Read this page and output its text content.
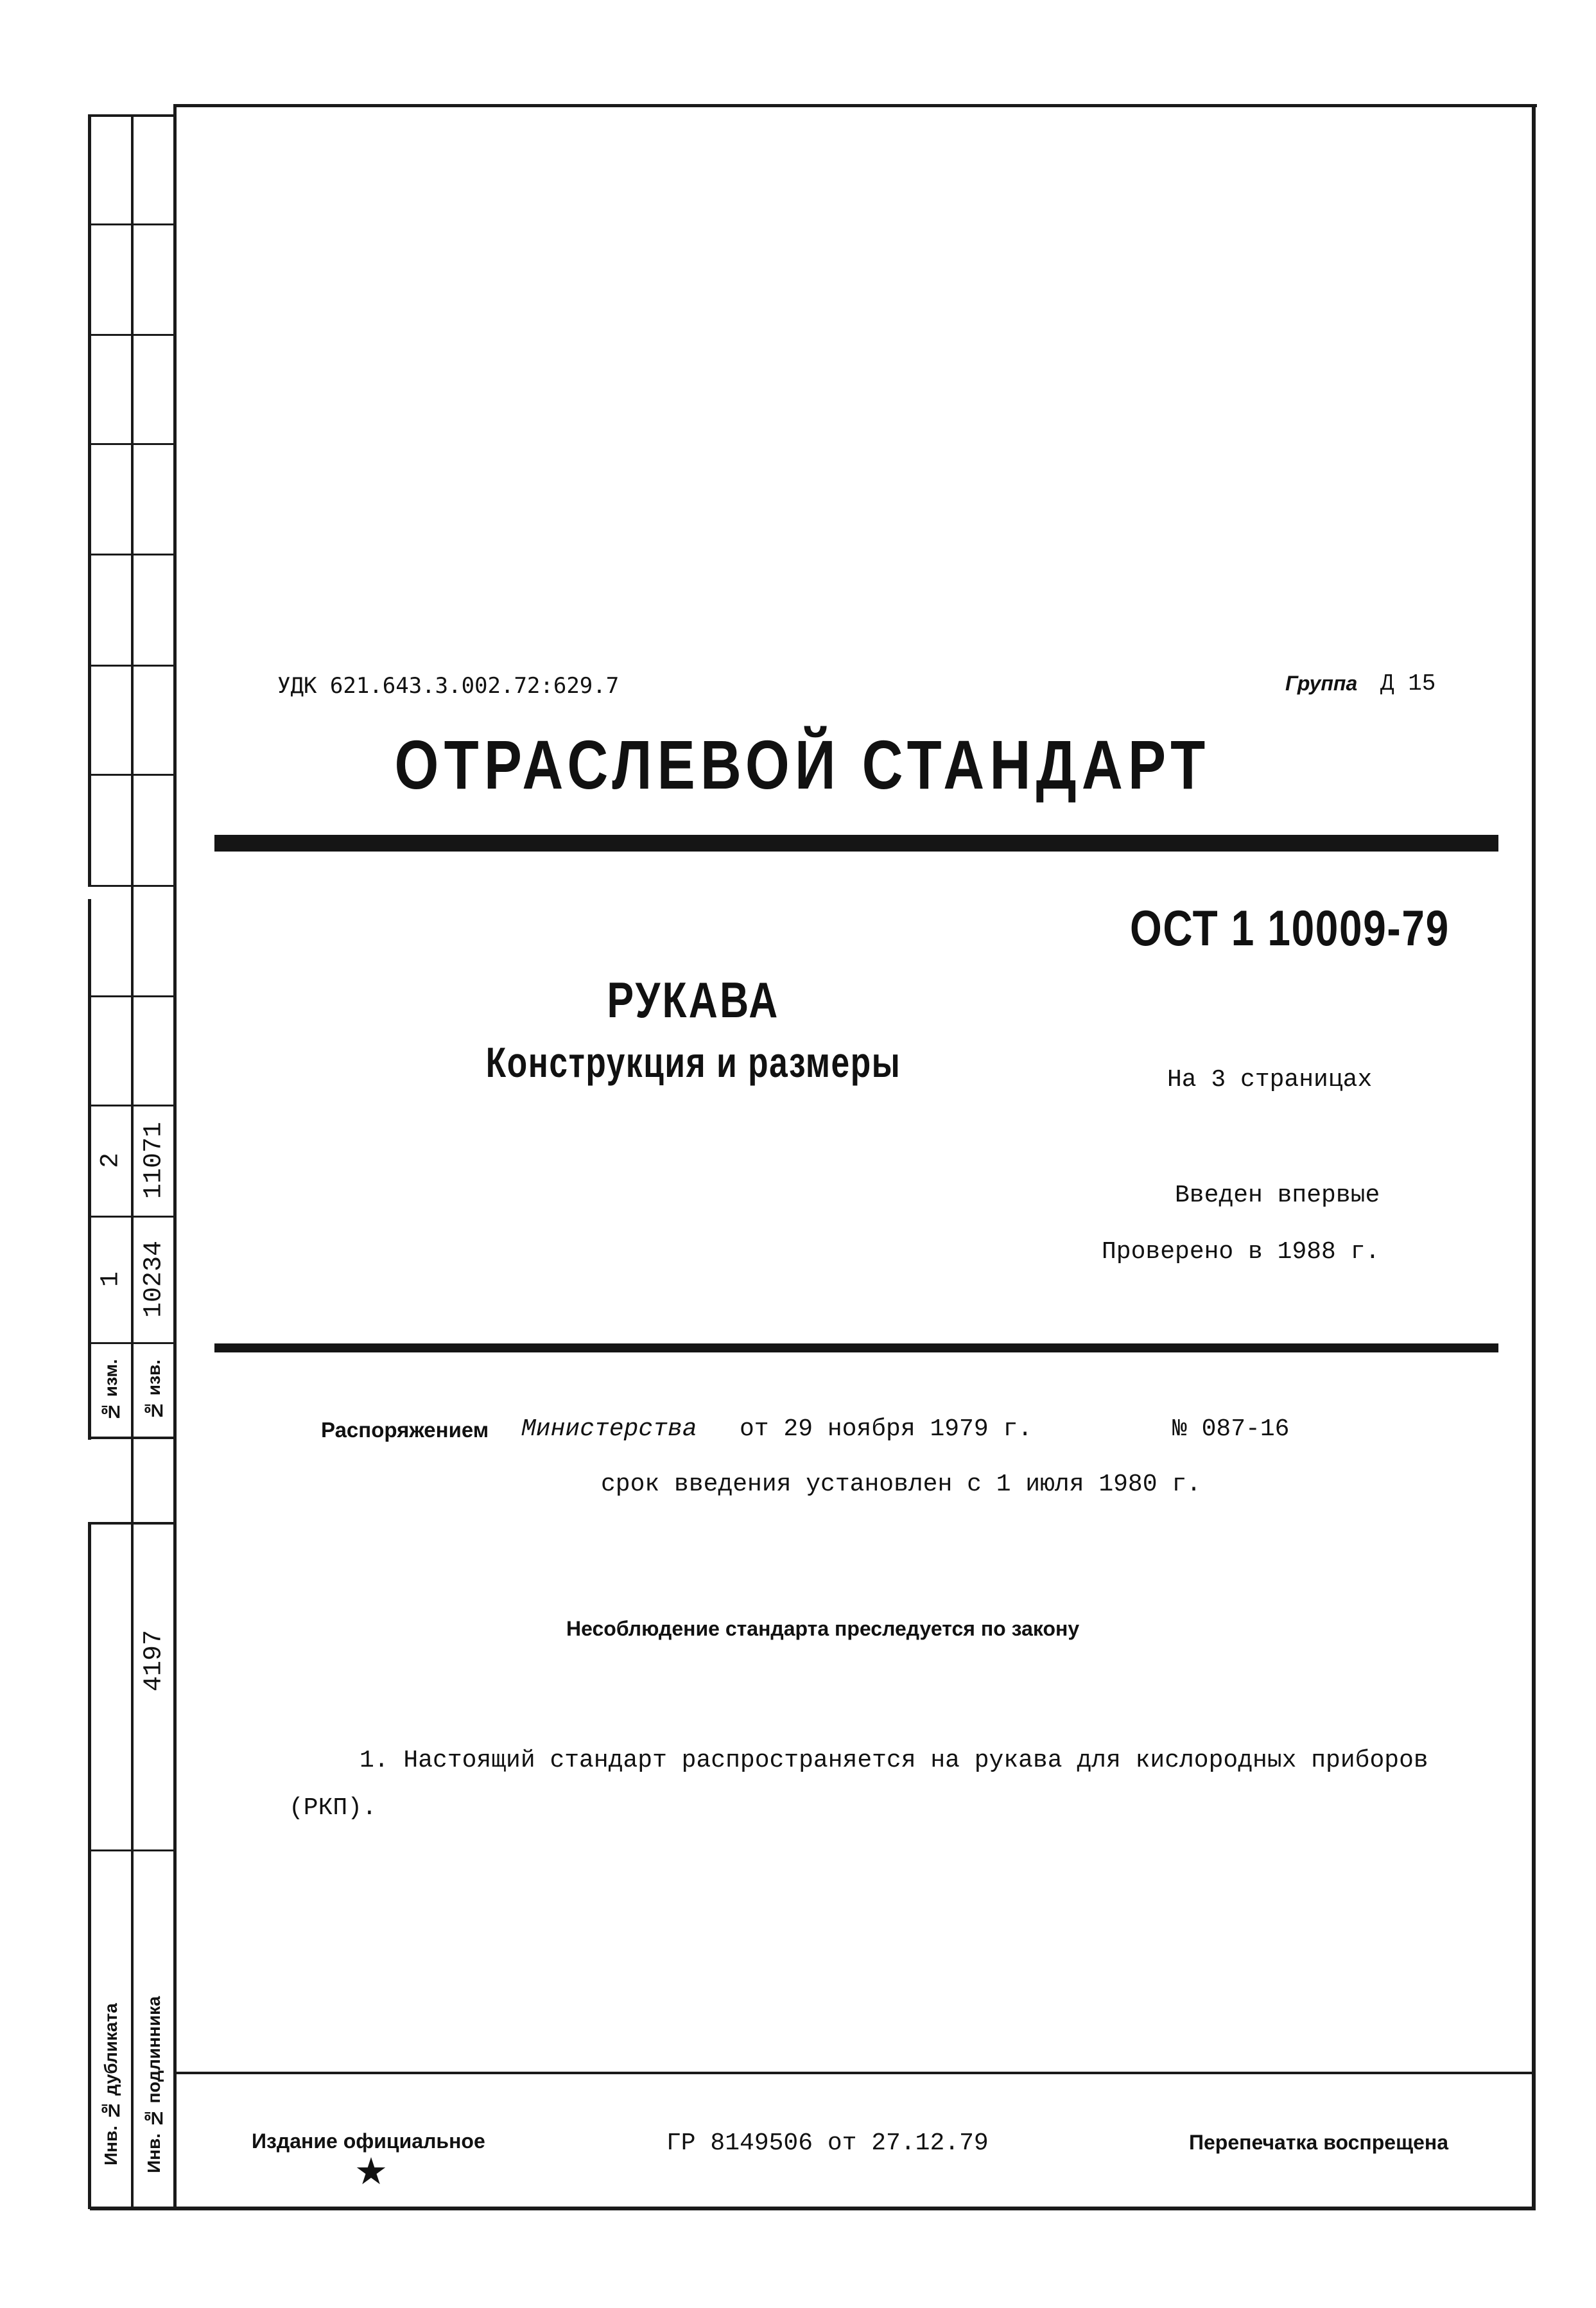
2 11071
1 10234
№ изм.	№ изв.
4197
Инв. № дубликата	Инв. № подлинника
УДК 621.643.3.002.72:629.7	Группа Д 15
ОТРАСЛЕВОЙ СТАНДАРТ
ОСТ 1 10009-79
РУКАВА
Конструкция и размеры	На 3 страницах
Введен впервые
Проверено в 1988 г.
Распоряжением Министерства от 29 ноября 1979 г.	№ 087-16
срок введения установлен с 1 июля 1980 г.
Несоблюдение стандарта преследуется по закону
1. Настоящий стандарт распространяется на рукава для кислородных приборов
(РКП).
Издание официальное
★
ГР 8149506 от 27.12.79	Перепечатка воспрещена
